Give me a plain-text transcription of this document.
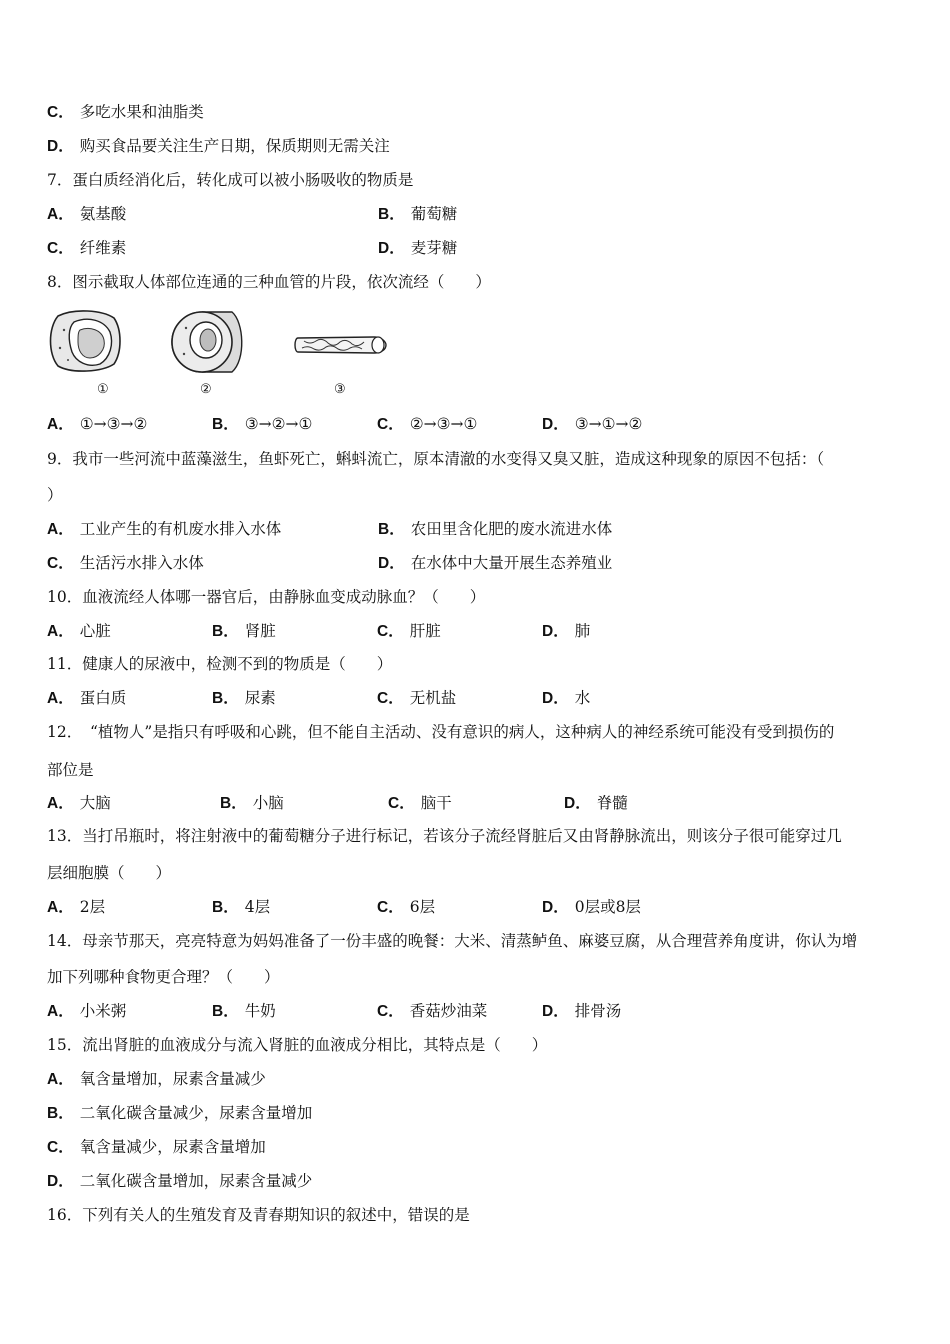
C． 多吃水果和油脂类
D． 购买食品要关注生产日期，保质期则无需关注
7．蛋白质经消化后，转化成可以被小肠吸收的物质是
A． 氨基酸	B． 葡萄糖
C． 纤维素	D． 麦芽糖
8．图示截取人体部位连通的三种血管的片段，依次流经（　　）
①	②	③
A． ①→③→②	B． ③→②→①	C． ②→③→①	D． ③→①→②
9．我市一些河流中蓝藻滋生，鱼虾死亡，蝌蚪流亡，原本清澈的水变得又臭又脏，造成这种现象的原因不包括：（
）
A． 工业产生的有机废水排入水体	B． 农田里含化肥的废水流进水体
C． 生活污水排入水体	D． 在水体中大量开展生态养殖业
10．血液流经人体哪一器官后，由静脉血变成动脉血？（　　）
A． 心脏	B． 肾脏	C． 肝脏	D． 肺
11．健康人的尿液中，检测不到的物质是（　　）
A． 蛋白质	B． 尿素	C． 无机盐	D． 水
12．　“植物人”是指只有呼吸和心跳，但不能自主活动、没有意识的病人，这种病人的神经系统可能没有受到损伤的
部位是
A． 大脑	B． 小脑	C． 脑干	D． 脊髓
13．当打吊瓶时，将注射液中的葡萄糖分子进行标记，若该分子流经肾脏后又由肾静脉流出，则该分子很可能穿过几
层细胞膜（　　）
A． 2层	B． 4层	C． 6层	D． 0层或8层
14．母亲节那天，亮亮特意为妈妈准备了一份丰盛的晚餐：大米、清蒸鲈鱼、麻婆豆腐，从合理营养角度讲，你认为增
加下列哪种食物更合理？（　　）
A． 小米粥	B． 牛奶	C． 香菇炒油菜	D． 排骨汤
15．流出肾脏的血液成分与流入肾脏的血液成分相比，其特点是（　　）
A． 氧含量增加，尿素含量减少
B． 二氧化碳含量减少，尿素含量增加
C． 氧含量减少，尿素含量增加
D． 二氧化碳含量增加，尿素含量减少
16．下列有关人的生殖发育及青春期知识的叙述中，错误的是
